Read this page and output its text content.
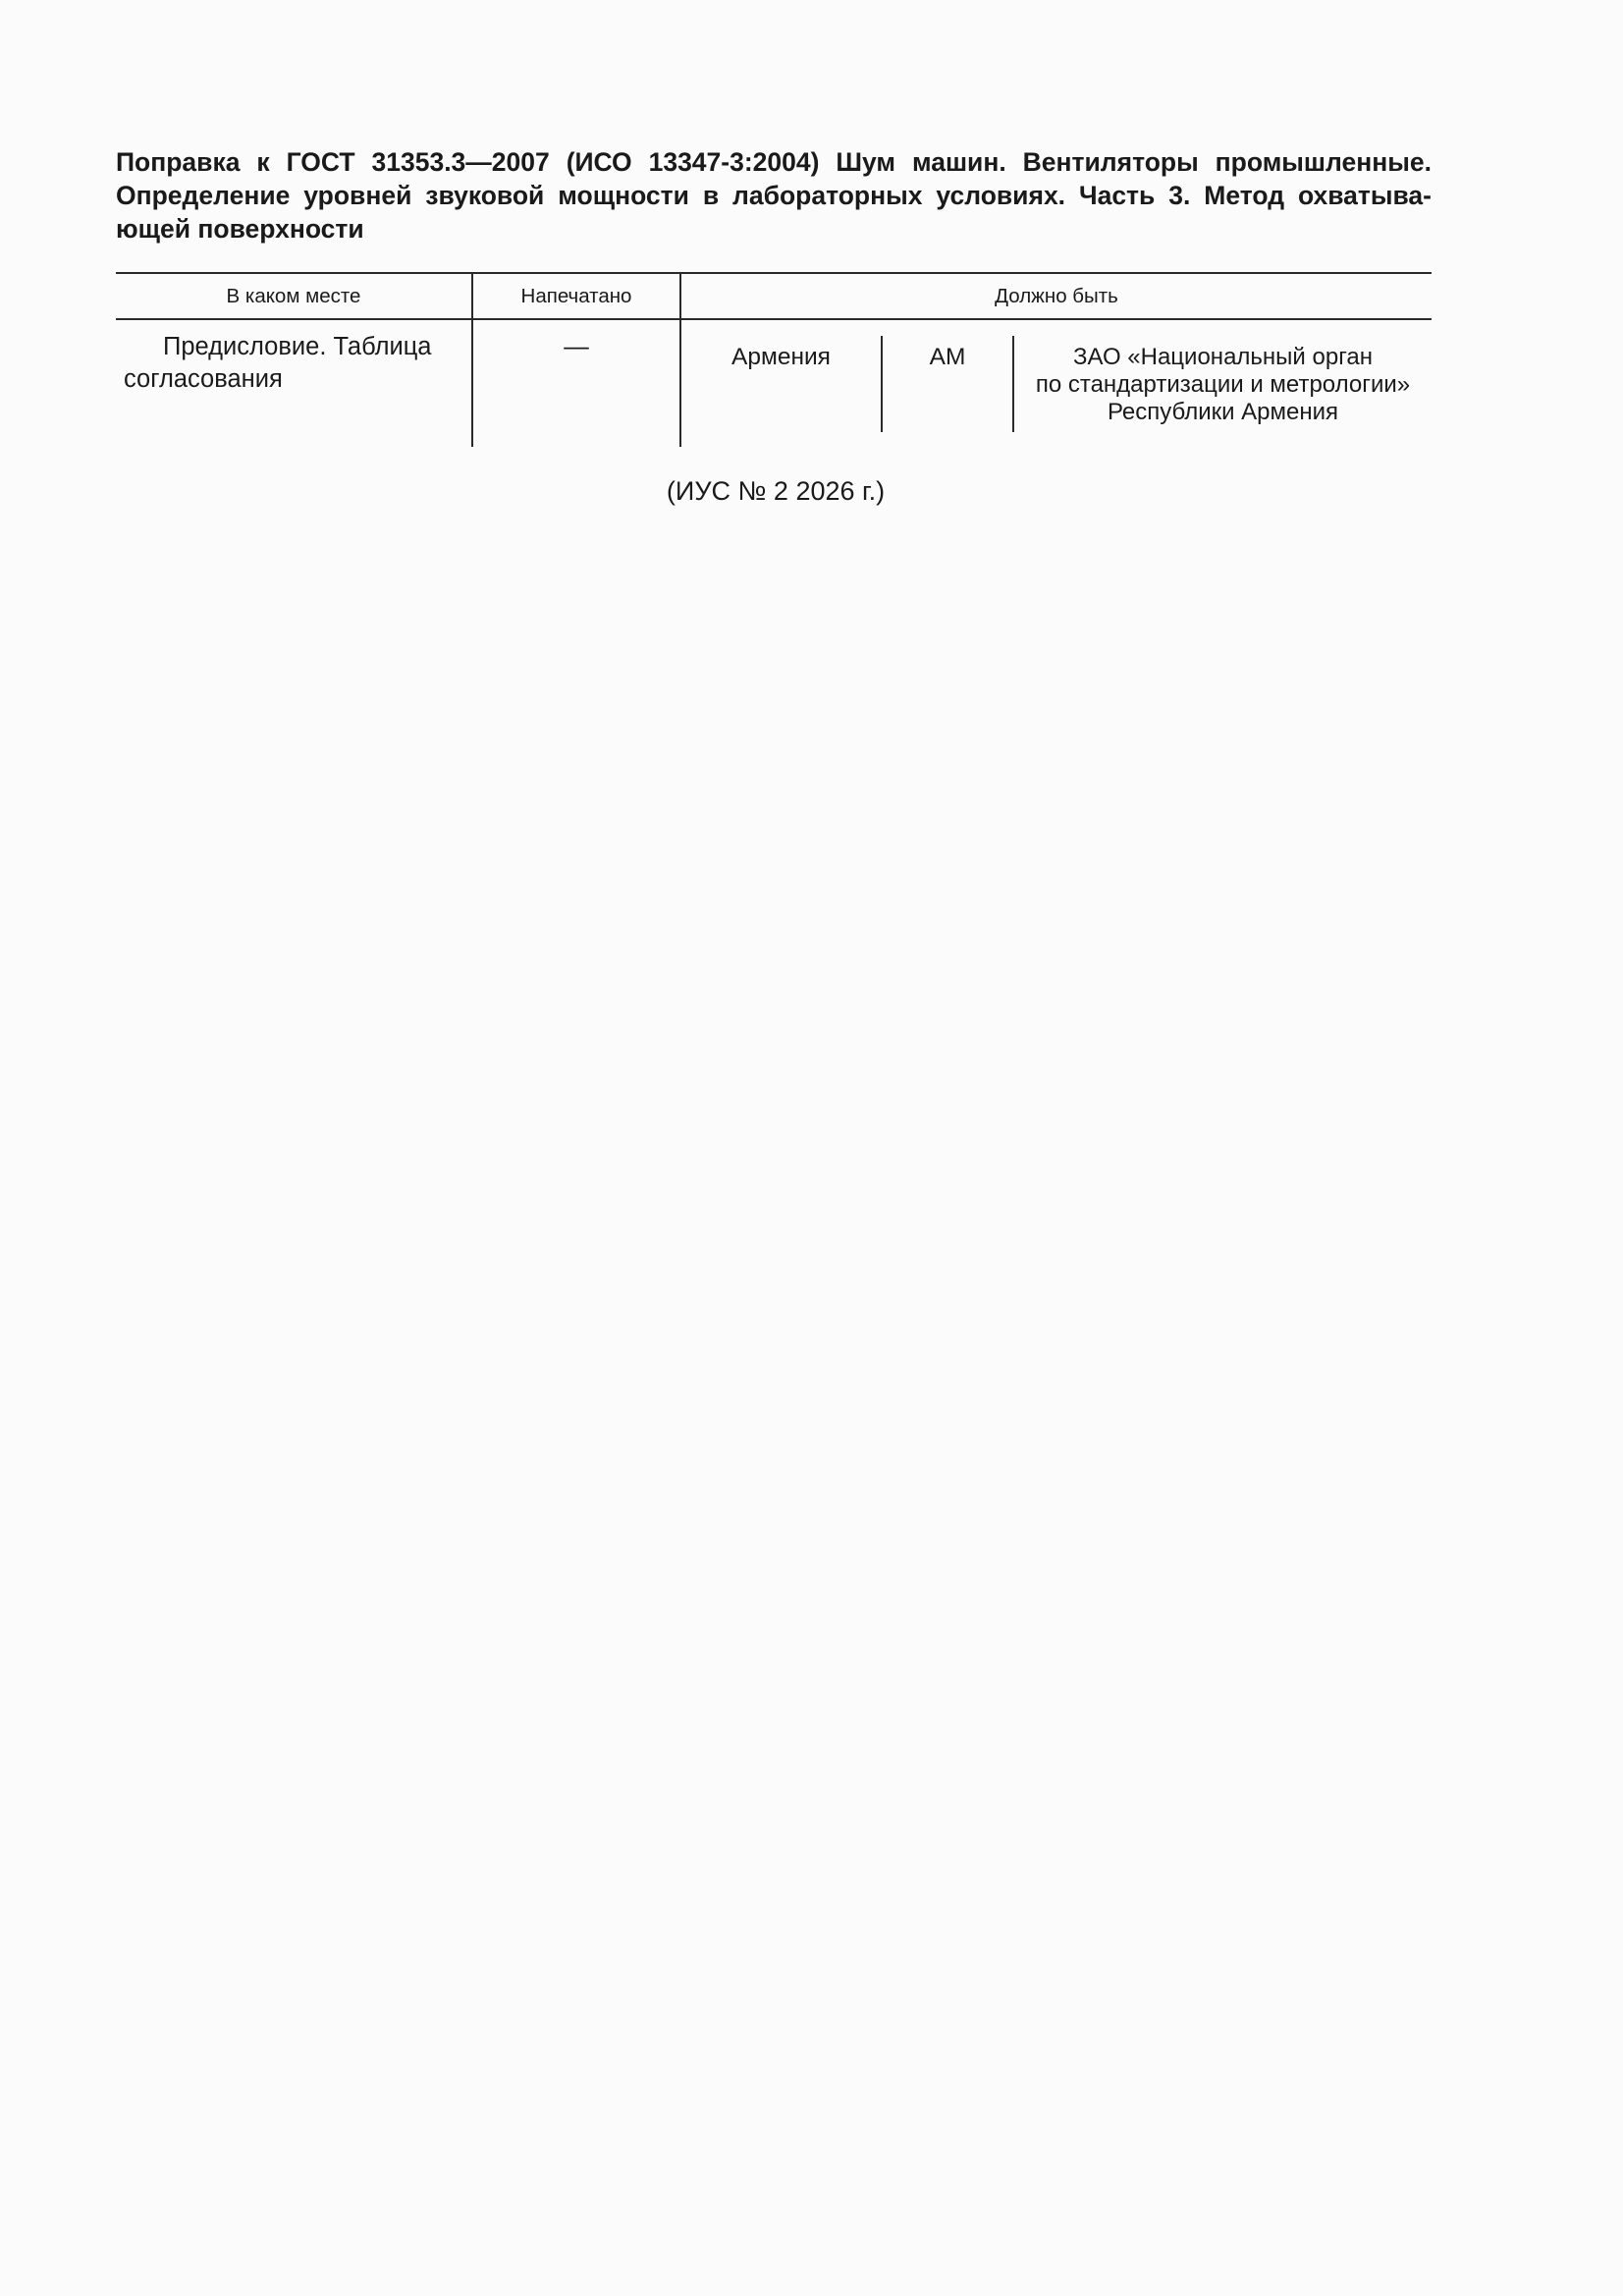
Поправка к ГОСТ 31353.3—2007 (ИСО 13347-3:2004) Шум машин. Вентиляторы промышленные. Определение уровней звуковой мощности в лабораторных условиях. Часть 3. Метод охватыва-ющей поверхности
В каком месте	Напечатано	Должно быть
Предисловие. Таблица
согласования
—	Армения	АМ	ЗАО «Национальный орган
по стандартизации и метрологии»
Республики Армения
(ИУС № 2 2026 г.)
